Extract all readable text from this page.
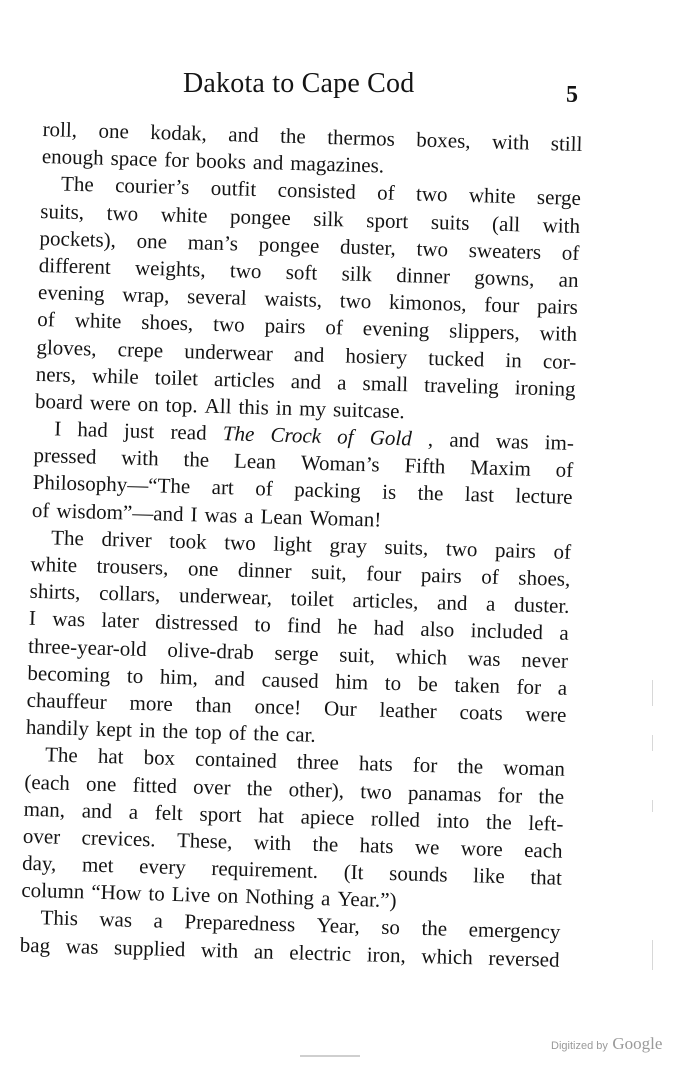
Dakota to Cape Cod	5
roll, one kodak, and the thermos boxes, with still
enough space for books and magazines.
The courier’s outfit consisted of two white serge
suits, two white pongee silk sport suits (all with
pockets), one man’s pongee duster, two sweaters of
different weights, two soft silk dinner gowns, an
evening wrap, several waists, two kimonos, four pairs
of white shoes, two pairs of evening slippers, with
gloves, crepe underwear and hosiery tucked in cor-
ners, while toilet articles and a small traveling ironing
board were on top. All this in my suitcase.
I had just read The Crock of Gold , and was im-
pressed with the Lean Woman’s Fifth Maxim of
Philosophy—“The art of packing is the last lecture
of wisdom”—and I was a Lean Woman!
The driver took two light gray suits, two pairs of
white trousers, one dinner suit, four pairs of shoes,
shirts, collars, underwear, toilet articles, and a duster.
I was later distressed to find he had also included a
three-year-old olive-drab serge suit, which was never
becoming to him, and caused him to be taken for a
chauffeur more than once! Our leather coats were
handily kept in the top of the car.
The hat box contained three hats for the woman
(each one fitted over the other), two panamas for the
man, and a felt sport hat apiece rolled into the left-
over crevices. These, with the hats we wore each
day, met every requirement. (It sounds like that
column “How to Live on Nothing a Year.”)
This was a Preparedness Year, so the emergency
bag was supplied with an electric iron, which reversed
Digitized by Google
